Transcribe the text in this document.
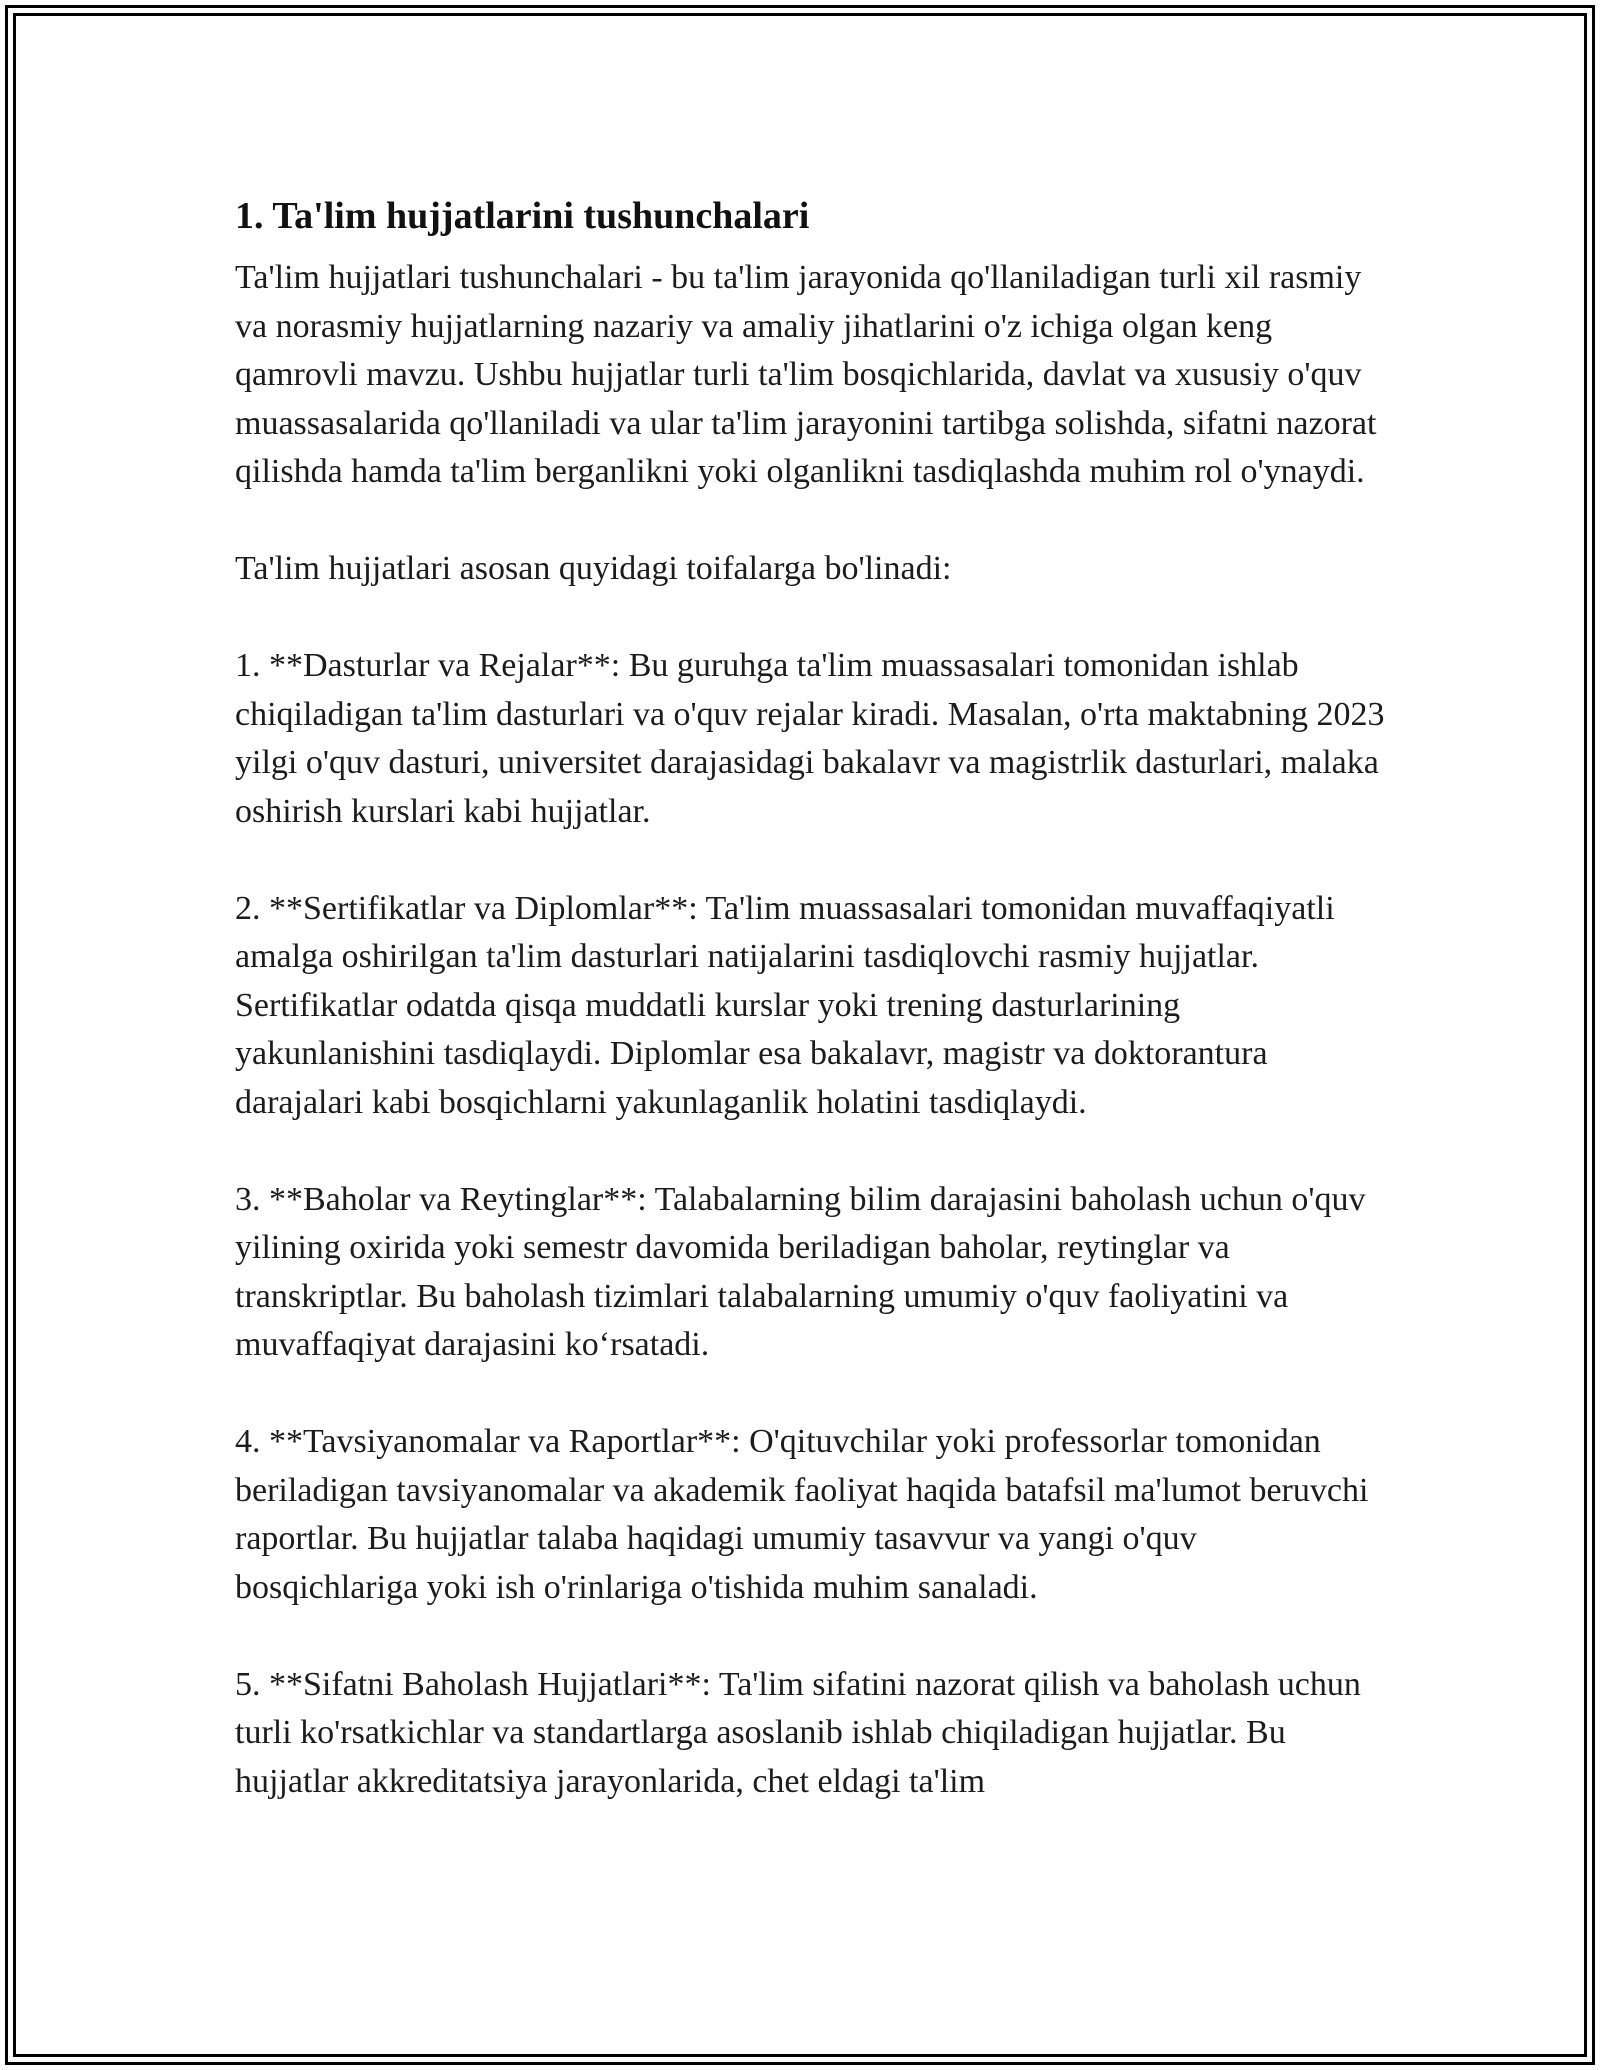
1. Ta'lim hujjatlarini tushunchalari

Ta'lim hujjatlari tushunchalari - bu ta'lim jarayonida qo'llaniladigan turli xil rasmiy va norasmiy hujjatlarning nazariy va amaliy jihatlarini o'z ichiga olgan keng qamrovli mavzu. Ushbu hujjatlar turli ta'lim bosqichlarida, davlat va xususiy o'quv muassasalarida qo'llaniladi va ular ta'lim jarayonini tartibga solishda, sifatni nazorat qilishda hamda ta'lim berganlikni yoki olganlikni tasdiqlashda muhim rol o'ynaydi.

Ta'lim hujjatlari asosan quyidagi toifalarga bo'linadi:

1. **Dasturlar va Rejalar**: Bu guruhga ta'lim muassasalari tomonidan ishlab chiqiladigan ta'lim dasturlari va o'quv rejalar kiradi. Masalan, o'rta maktabning 2023 yilgi o'quv dasturi, universitet darajasidagi bakalavr va magistrlik dasturlari, malaka oshirish kurslari kabi hujjatlar.

2. **Sertifikatlar va Diplomlar**: Ta'lim muassasalari tomonidan muvaffaqiyatli amalga oshirilgan ta'lim dasturlari natijalarini tasdiqlovchi rasmiy hujjatlar. Sertifikatlar odatda qisqa muddatli kurslar yoki trening dasturlarining yakunlanishini tasdiqlaydi. Diplomlar esa bakalavr, magistr va doktorantura darajalari kabi bosqichlarni yakunlaganlik holatini tasdiqlaydi.

3. **Baholar va Reytinglar**: Talabalarning bilim darajasini baholash uchun o'quv yilining oxirida yoki semestr davomida beriladigan baholar, reytinglar va transkriptlar. Bu baholash tizimlari talabalarning umumiy o'quv faoliyatini va muvaffaqiyat darajasini ko‘rsatadi.

4. **Tavsiyanomalar va Raportlar**: O'qituvchilar yoki professorlar tomonidan beriladigan tavsiyanomalar va akademik faoliyat haqida batafsil ma'lumot beruvchi raportlar. Bu hujjatlar talaba haqidagi umumiy tasavvur va yangi o'quv bosqichlariga yoki ish o'rinlariga o'tishida muhim sanaladi.

5. **Sifatni Baholash Hujjatlari**: Ta'lim sifatini nazorat qilish va baholash uchun turli ko'rsatkichlar va standartlarga asoslanib ishlab chiqiladigan hujjatlar. Bu hujjatlar akkreditatsiya jarayonlarida, chet eldagi ta'lim
